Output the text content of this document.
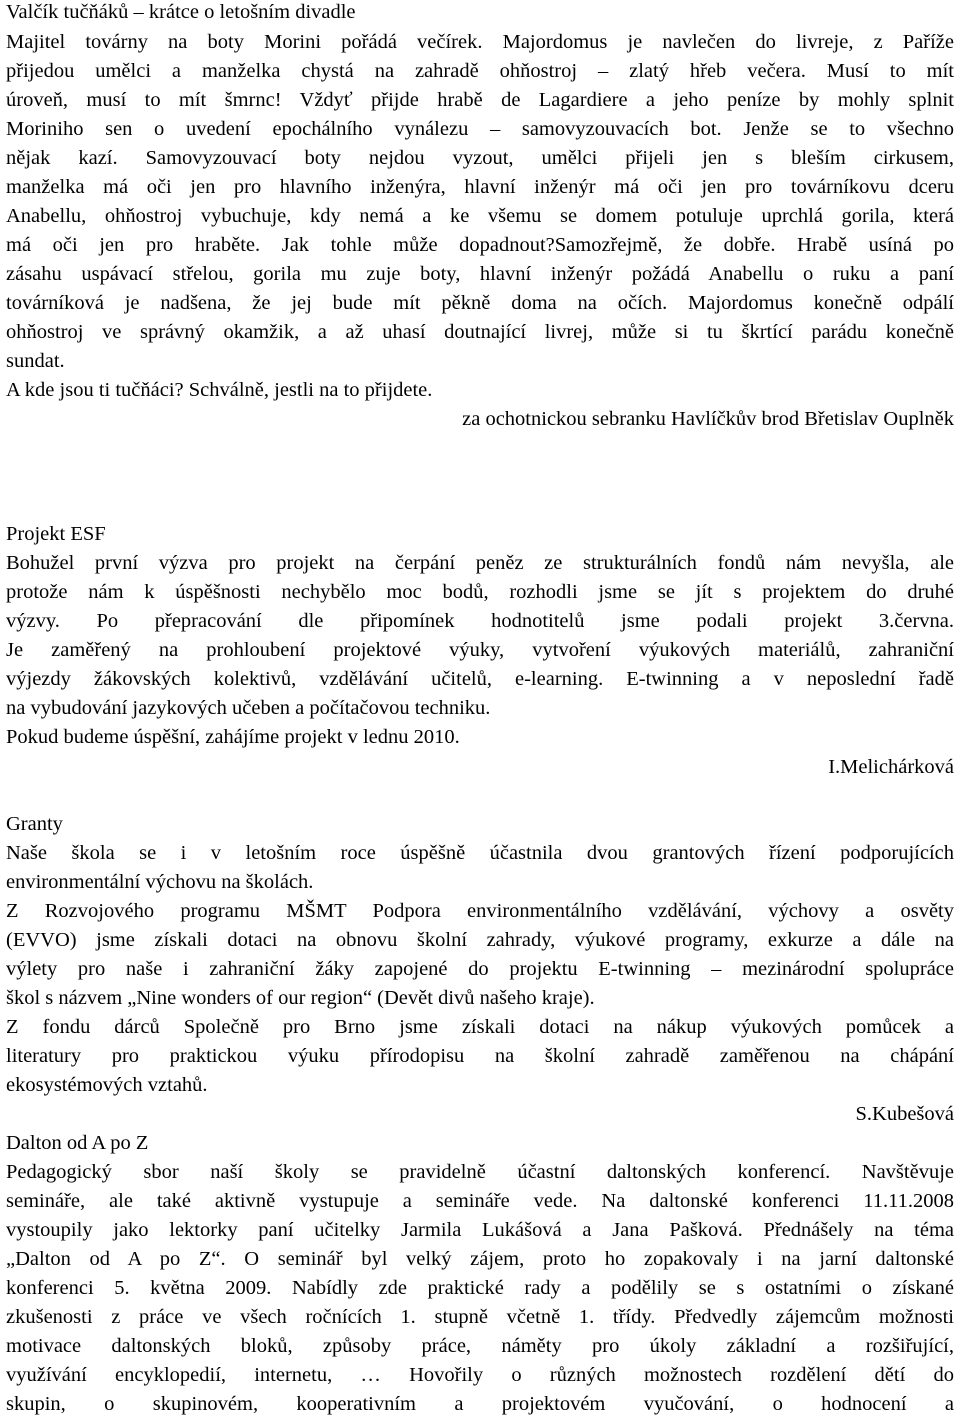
Valčík tučňáků – krátce o letošním divadle
Majitel továrny na boty Morini pořádá večírek. Majordomus je navlečen do livreje, z Paříže
přijedou umělci a manželka chystá na zahradě ohňostroj – zlatý hřeb večera. Musí to mít
úroveň, musí to mít šmrnc! Vždyť přijde hrabě de Lagardiere a jeho peníze by mohly splnit
Moriniho sen o uvedení epochálního vynálezu – samovyzouvacích bot. Jenže se to všechno
nějak kazí. Samovyzouvací boty nejdou vyzout, umělci přijeli jen s bleším cirkusem,
manželka má oči jen pro hlavního inženýra, hlavní inženýr má oči jen pro továrníkovu dceru
Anabellu, ohňostroj vybuchuje, kdy nemá a ke všemu se domem potuluje uprchlá gorila, která
má oči jen pro hraběte. Jak tohle může dopadnout?Samozřejmě, že dobře. Hrabě usíná po
zásahu uspávací střelou, gorila mu zuje boty, hlavní inženýr požádá Anabellu o ruku a paní
továrníková je nadšena, že jej bude mít pěkně doma na očích. Majordomus konečně odpálí
ohňostroj ve správný okamžik, a až uhasí doutnající livrej, může si tu škrtící parádu konečně
sundat.
A kde jsou ti tučňáci? Schválně, jestli na to přijdete.
za ochotnickou sebranku Havlíčkův brod Břetislav Ouplněk
Projekt ESF
Bohužel první výzva pro projekt na čerpání peněz ze strukturálních fondů nám nevyšla, ale
protože nám k úspěšnosti nechybělo moc bodů, rozhodli jsme se jít s projektem do druhé
výzvy. Po přepracování dle připomínek hodnotitelů jsme podali projekt 3.června.
Je zaměřený na prohloubení projektové výuky, vytvoření výukových materiálů, zahraniční
výjezdy žákovských kolektivů, vzdělávání učitelů, e-learning. E-twinning a v neposlední řadě
na vybudování jazykových učeben a počítačovou techniku.
Pokud budeme úspěšní, zahájíme projekt v lednu 2010.
I.Melichárková
Granty
Naše škola se i v letošním roce úspěšně účastnila dvou grantových řízení podporujících
environmentální výchovu na školách.
Z Rozvojového programu MŠMT Podpora environmentálního vzdělávání, výchovy a osvěty
(EVVO) jsme získali dotaci na obnovu školní zahrady, výukové programy, exkurze a dále na
výlety pro naše i zahraniční žáky zapojené do projektu E-twinning – mezinárodní spolupráce
škol s názvem „Nine wonders of our region“ (Devět divů našeho kraje).
Z fondu dárců Společně pro Brno jsme získali dotaci na nákup výukových pomůcek a
literatury pro praktickou výuku přírodopisu na školní zahradě zaměřenou na chápání
ekosystémových vztahů.
S.Kubešová
Dalton od A po Z
Pedagogický sbor naší školy se pravidelně účastní daltonských konferencí. Navštěvuje
semináře, ale také aktivně vystupuje a semináře vede. Na daltonské konferenci 11.11.2008
vystoupily jako lektorky paní učitelky Jarmila Lukášová a Jana Pašková. Přednášely na téma
„Dalton od A po Z“. O seminář byl velký zájem, proto ho zopakovaly i na jarní daltonské
konferenci 5. května 2009. Nabídly zde praktické rady a podělily se s ostatními o získané
zkušenosti z práce ve všech ročnících 1. stupně včetně 1. třídy. Předvedly zájemcům možnosti
motivace daltonských bloků, způsoby práce, náměty pro úkoly základní a rozšiřující,
využívání encyklopedií, internetu, … Hovořily o různých možnostech rozdělení dětí do
skupin, o skupinovém, kooperativním a projektovém vyučování, o hodnocení a
